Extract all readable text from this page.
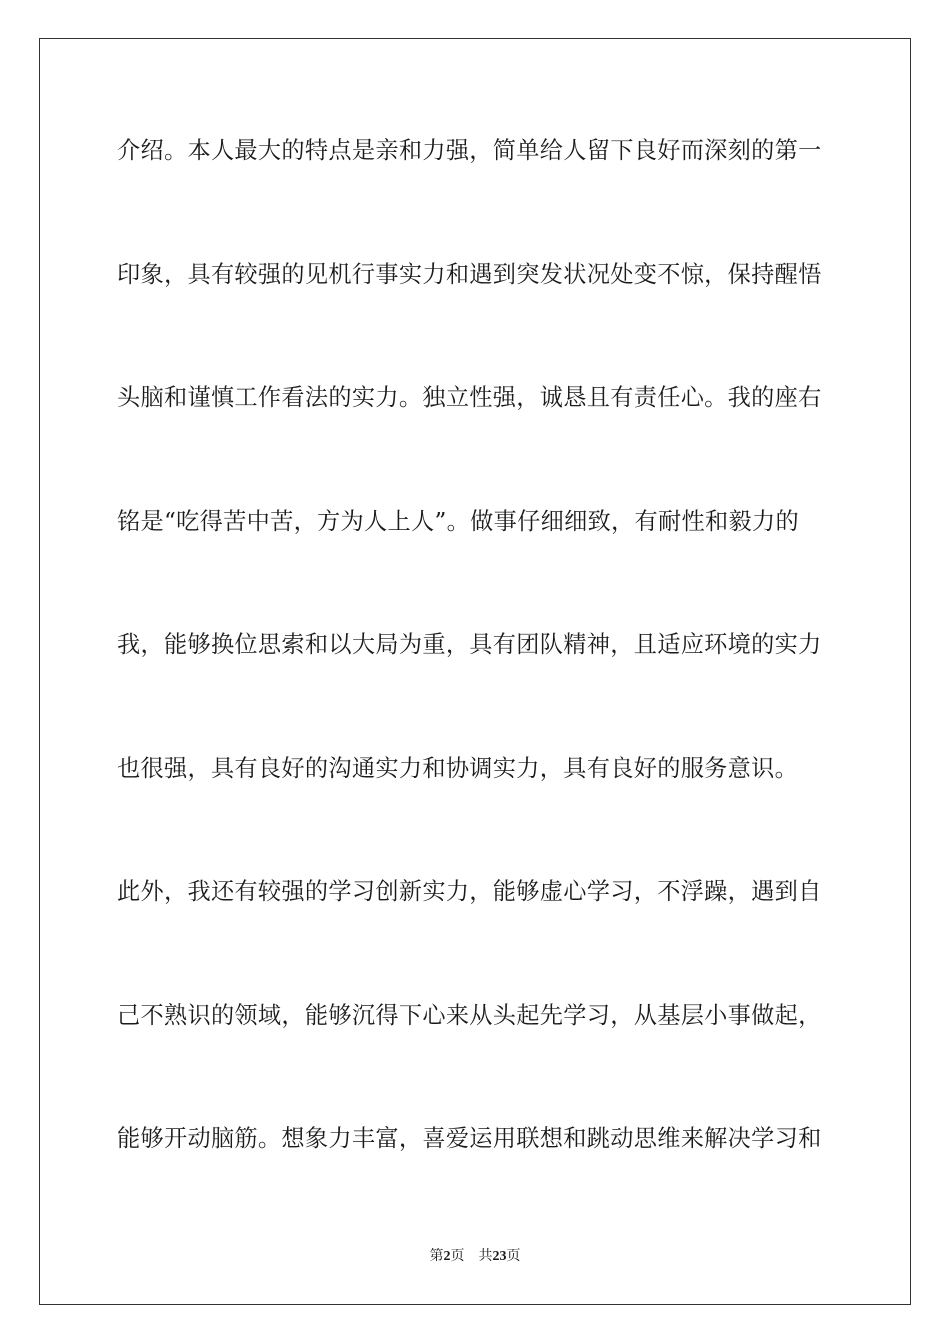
介绍。本人最大的特点是亲和力强，简单给人留下良好而深刻的第一
印象，具有较强的见机行事实力和遇到突发状况处变不惊，保持醒悟
头脑和谨慎工作看法的实力。独立性强，诚恳且有责任心。我的座右
铭是“吃得苦中苦，方为人上人”。做事仔细细致，有耐性和毅力的
我，能够换位思索和以大局为重，具有团队精神，且适应环境的实力
也很强，具有良好的沟通实力和协调实力，具有良好的服务意识。
此外，我还有较强的学习创新实力，能够虚心学习，不浮躁，遇到自
己不熟识的领域，能够沉得下心来从头起先学习，从基层小事做起，
能够开动脑筋。想象力丰富，喜爱运用联想和跳动思维来解决学习和
第2页 共23页
